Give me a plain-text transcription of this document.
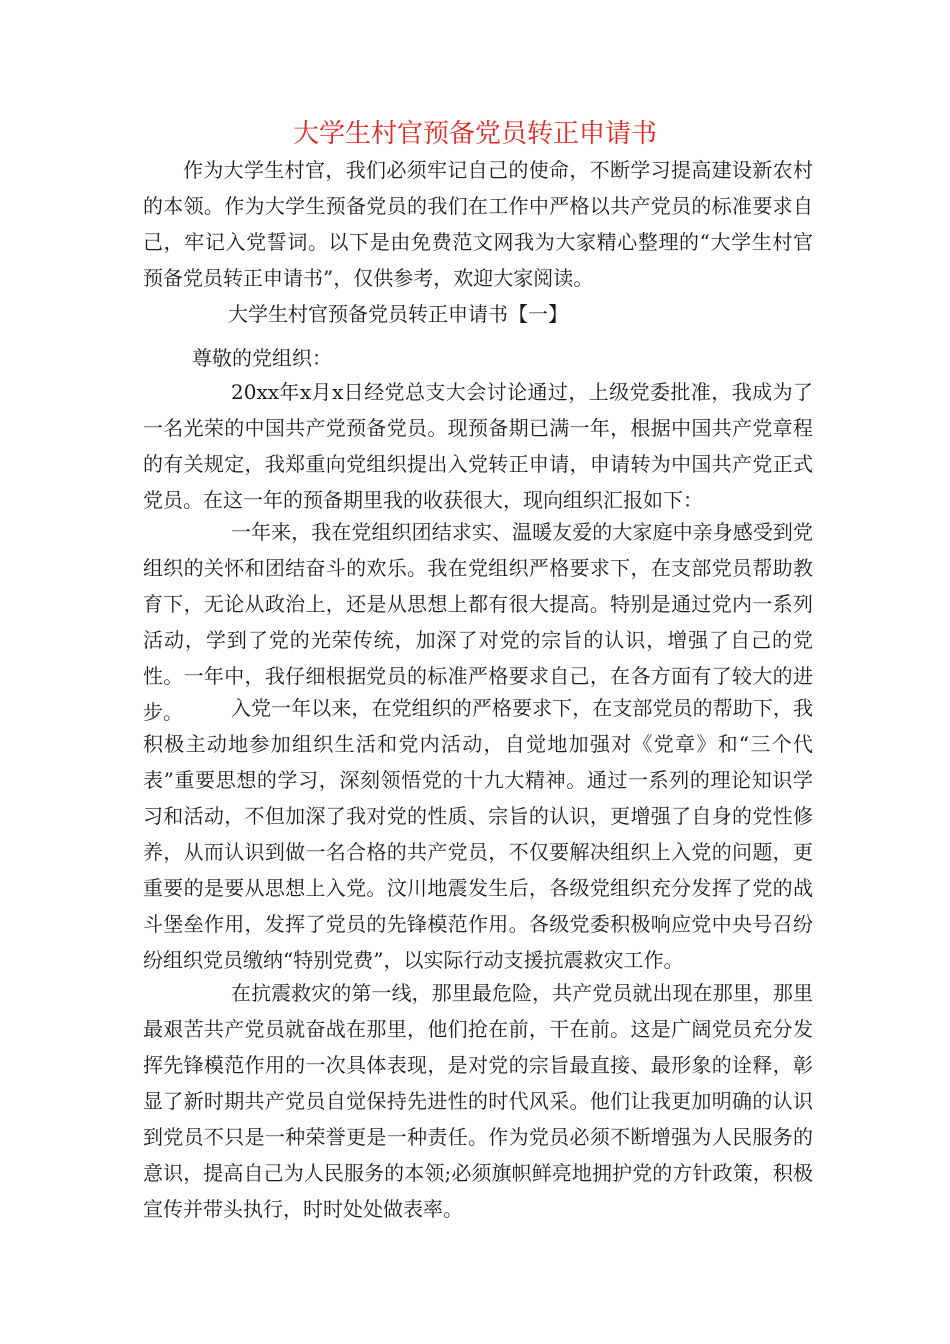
大学生村官预备党员转正申请书

作为大学生村官，我们必须牢记自己的使命，不断学习提高建设新农村的本领。作为大学生预备党员的我们在工作中严格以共产党员的标准要求自己，牢记入党誓词。以下是由免费范文网我为大家精心整理的“大学生村官预备党员转正申请书”，仅供参考，欢迎大家阅读。

大学生村官预备党员转正申请书【一】

尊敬的党组织：

20xx年x月x日经党总支大会讨论通过，上级党委批准，我成为了一名光荣的中国共产党预备党员。现预备期已满一年，根据中国共产党章程的有关规定，我郑重向党组织提出入党转正申请，申请转为中国共产党正式党员。在这一年的预备期里我的收获很大，现向组织汇报如下：

一年来，我在党组织团结求实、温暖友爱的大家庭中亲身感受到党组织的关怀和团结奋斗的欢乐。我在党组织严格要求下，在支部党员帮助教育下，无论从政治上，还是从思想上都有很大提高。特别是通过党内一系列活动，学到了党的光荣传统，加深了对党的宗旨的认识，增强了自己的党性。一年中，我仔细根据党员的标准严格要求自己，在各方面有了较大的进步。	入党一年以来，在党组织的严格要求下，在支部党员的帮助下，我积极主动地参加组织生活和党内活动，自觉地加强对《党章》和“三个代表”重要思想的学习，深刻领悟党的十九大精神。通过一系列的理论知识学习和活动，不但加深了我对党的性质、宗旨的认识，更增强了自身的党性修养，从而认识到做一名合格的共产党员，不仅要解决组织上入党的问题，更重要的是要从思想上入党。汶川地震发生后，各级党组织充分发挥了党的战斗堡垒作用，发挥了党员的先锋模范作用。各级党委积极响应党中央号召纷纷组织党员缴纳“特别党费”，以实际行动支援抗震救灾工作。

在抗震救灾的第一线，那里最危险，共产党员就出现在那里，那里最艰苦共产党员就奋战在那里，他们抢在前，干在前。这是广阔党员充分发挥先锋模范作用的一次具体表现，是对党的宗旨最直接、最形象的诠释，彰显了新时期共产党员自觉保持先进性的时代风采。他们让我更加明确的认识到党员不只是一种荣誉更是一种责任。作为党员必须不断增强为人民服务的意识，提高自己为人民服务的本领;必须旗帜鲜亮地拥护党的方针政策，积极宣传并带头执行，时时处处做表率。
